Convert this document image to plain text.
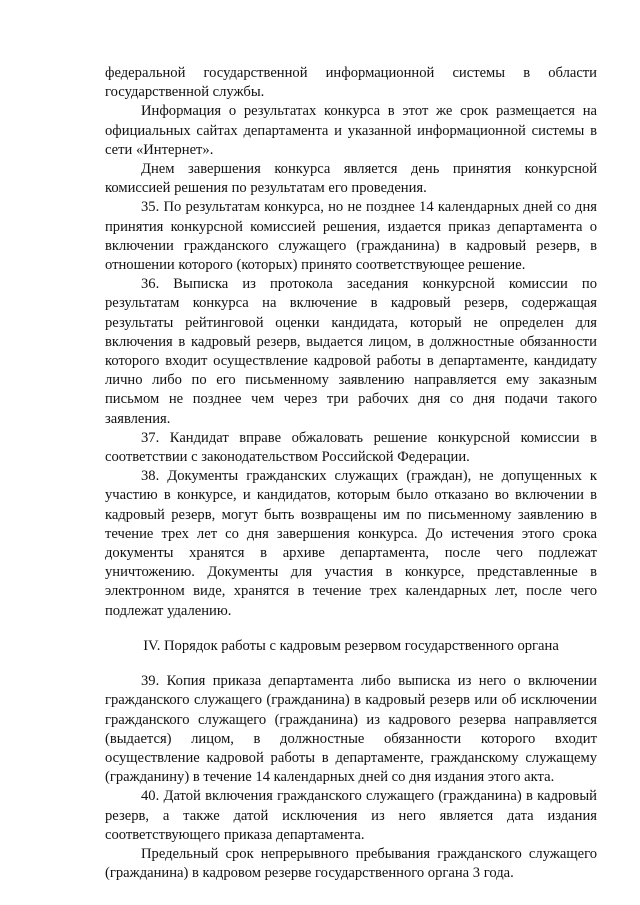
федеральной государственной информационной системы в области государственной службы.

Информация о результатах конкурса в этот же срок размещается на официальных сайтах департамента и указанной информационной системы в сети «Интернет».

Днем завершения конкурса является день принятия конкурсной комиссией решения по результатам его проведения.

35. По результатам конкурса, но не позднее 14 календарных дней со дня принятия конкурсной комиссией решения, издается приказ департамента о включении гражданского служащего (гражданина) в кадровый резерв, в отношении которого (которых) принято соответствующее решение.

36. Выписка из протокола заседания конкурсной комиссии по результатам конкурса на включение в кадровый резерв, содержащая результаты рейтинговой оценки кандидата, который не определен для включения в кадровый резерв, выдается лицом, в должностные обязанности которого входит осуществление кадровой работы в департаменте, кандидату лично либо по его письменному заявлению направляется ему заказным письмом не позднее чем через три рабочих дня со дня подачи такого заявления.

37. Кандидат вправе обжаловать решение конкурсной комиссии в соответствии с законодательством Российской Федерации.

38. Документы гражданских служащих (граждан), не допущенных к участию в конкурсе, и кандидатов, которым было отказано во включении в кадровый резерв, могут быть возвращены им по письменному заявлению в течение трех лет со дня завершения конкурса. До истечения этого срока документы хранятся в архиве департамента, после чего подлежат уничтожению. Документы для участия в конкурсе, представленные в электронном виде, хранятся в течение трех календарных лет, после чего подлежат удалению.

IV. Порядок работы с кадровым резервом государственного органа

39. Копия приказа департамента либо выписка из него о включении гражданского служащего (гражданина) в кадровый резерв или об исключении гражданского служащего (гражданина) из кадрового резерва направляется (выдается) лицом, в должностные обязанности которого входит осуществление кадровой работы в департаменте, гражданскому служащему (гражданину) в течение 14 календарных дней со дня издания этого акта.

40. Датой включения гражданского служащего (гражданина) в кадровый резерв, а также датой исключения из него является дата издания соответствующего приказа департамента.

Предельный срок непрерывного пребывания гражданского служащего (гражданина) в кадровом резерве государственного органа 3 года.
